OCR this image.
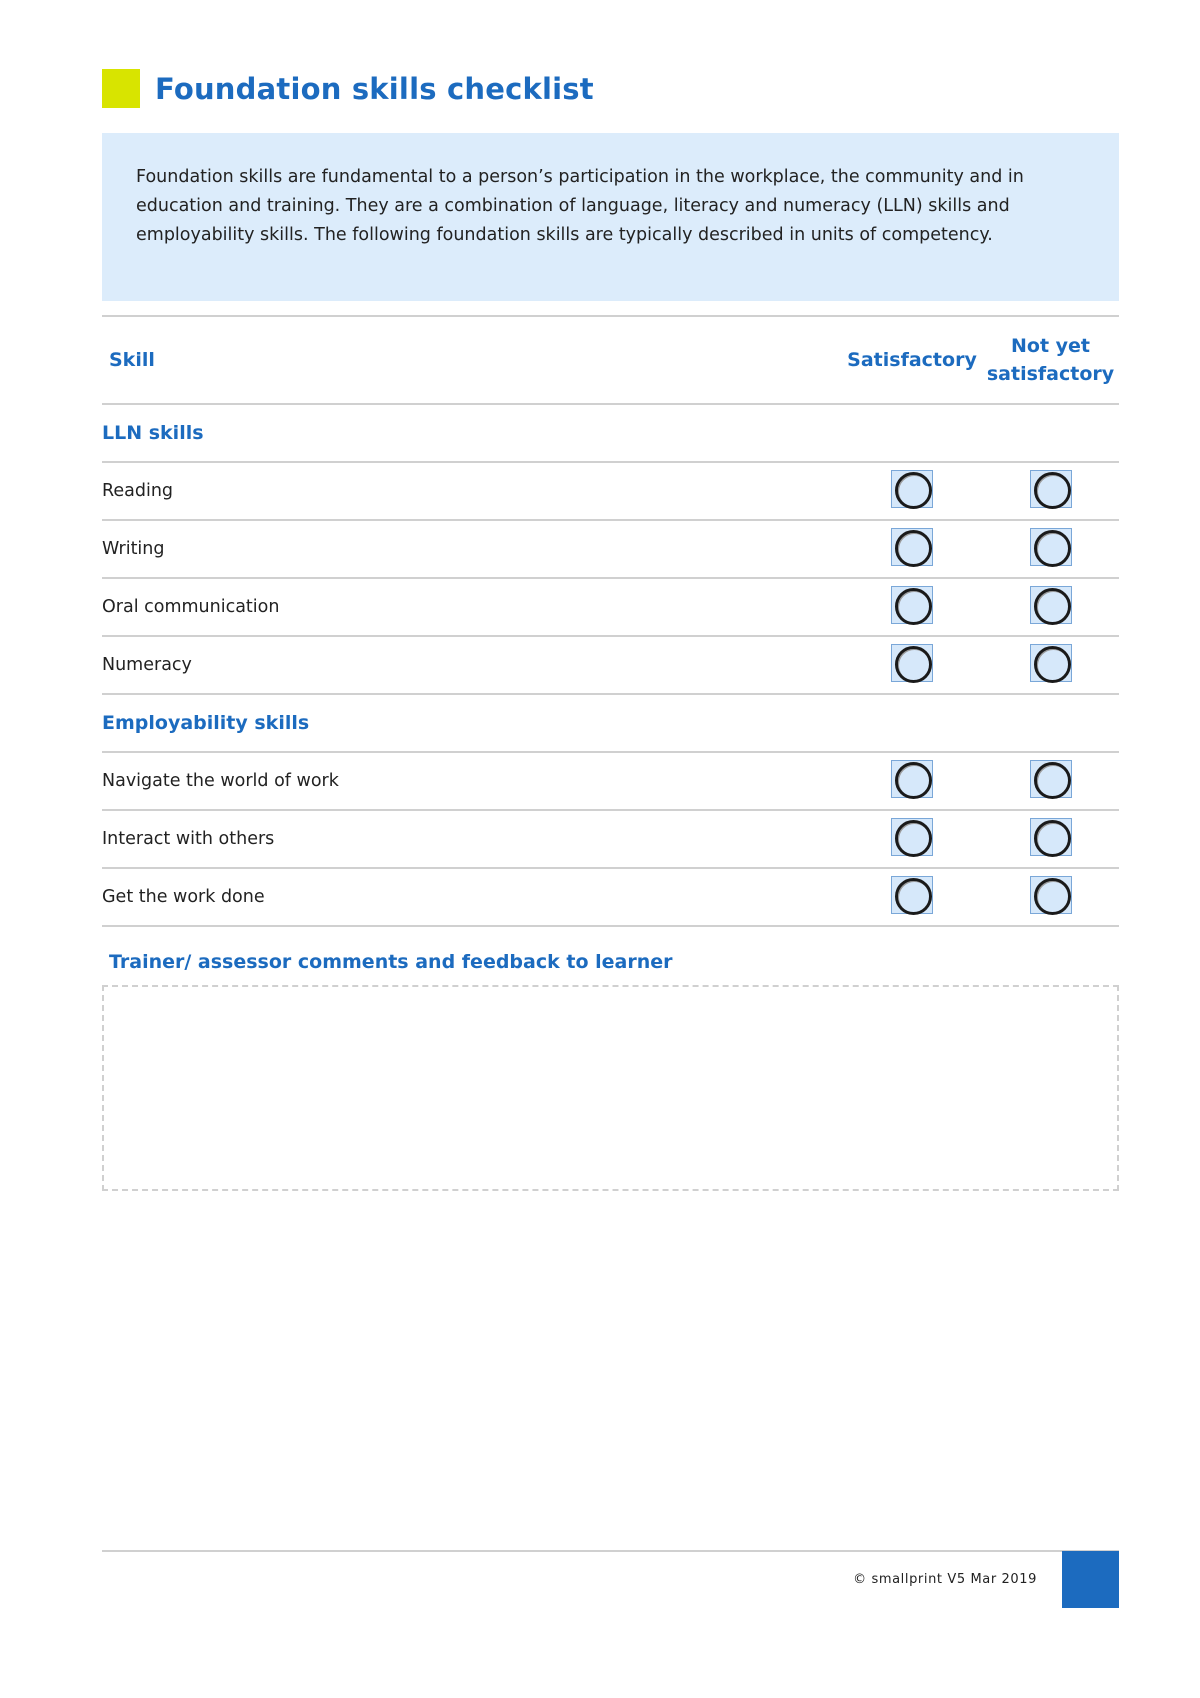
Foundation skills checklist

Foundation skills are fundamental to a person’s participation in the workplace, the community and in education and training. They are a combination of language, literacy and numeracy (LLN) skills and employability skills. The following foundation skills are typically described in units of competency.

Skill	Satisfactory	Not yet
satisfactory
LLN skills		
Reading	

Writing	

Oral communication	

Numeracy	

Employability skills		
Navigate the world of work	

Interact with others	

Get the work done	

Trainer/ assessor comments and feedback to learner
© smallprint V5 Mar 2019
